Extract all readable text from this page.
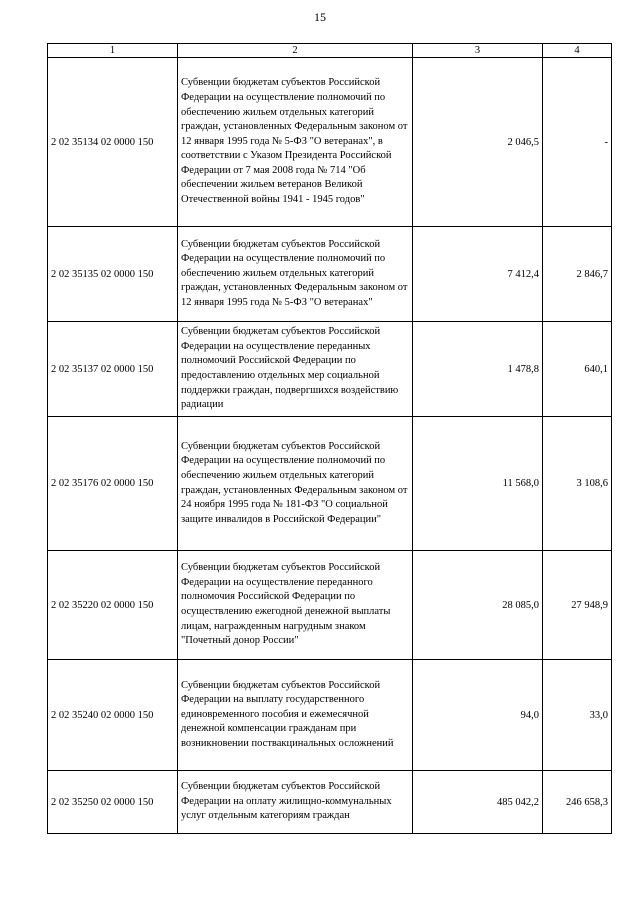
15
1	2	3	4
2 02 35134 02 0000 150	Субвенции бюджетам субъектов Российской Федерации на осуществление полномочий по обеспечению жильем отдельных категорий граждан, установленных Федеральным законом от 12 января 1995 года № 5-ФЗ "О ветеранах", в соответствии с Указом Президента Российской Федерации от 7 мая 2008 года № 714 "Об обеспечении жильем ветеранов Великой Отечественной войны 1941 - 1945 годов"	2 046,5	-
2 02 35135 02 0000 150	Субвенции бюджетам субъектов Российской Федерации на осуществление полномочий по обеспечению жильем отдельных категорий граждан, установленных Федеральным законом от 12 января 1995 года № 5-ФЗ "О ветеранах"	7 412,4	2 846,7
2 02 35137 02 0000 150	Субвенции бюджетам субъектов Российской Федерации на осуществление переданных полномочий Российской Федерации по предоставлению отдельных мер социальной поддержки граждан, подвергшихся воздействию радиации	1 478,8	640,1
2 02 35176 02 0000 150	Субвенции бюджетам субъектов Российской Федерации на осуществление полномочий по обеспечению жильем отдельных категорий граждан, установленных Федеральным законом от 24 ноября 1995 года № 181-ФЗ "О социальной защите инвалидов в Российской Федерации"	11 568,0	3 108,6
2 02 35220 02 0000 150	Субвенции бюджетам субъектов Российской Федерации на осуществление переданного полномочия Российской Федерации по осуществлению ежегодной денежной выплаты лицам, награжденным нагрудным знаком "Почетный донор России"	28 085,0	27 948,9
2 02 35240 02 0000 150	Субвенции бюджетам субъектов Российской Федерации на выплату государственного единовременного пособия и ежемесячной денежной компенсации гражданам при возникновении поствакцинальных осложнений	94,0	33,0
2 02 35250 02 0000 150	Субвенции бюджетам субъектов Российской Федерации на оплату жилищно-коммунальных услуг отдельным категориям граждан	485 042,2	246 658,3
